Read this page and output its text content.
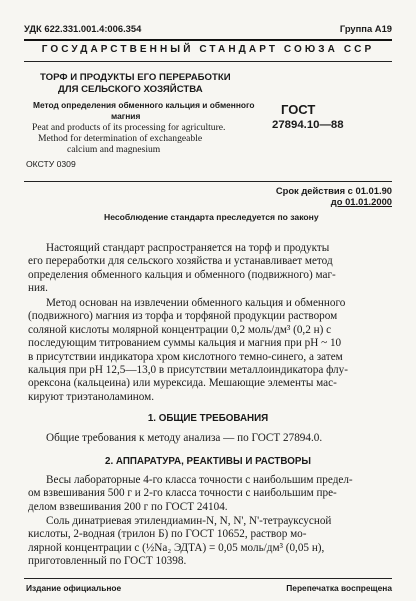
УДК 622.331.001.4:006.354	Группа А19
ГОСУДАРСТВЕННЫЙ СТАНДАРТ СОЮЗА ССР
ТОРФ И ПРОДУКТЫ ЕГО ПЕРЕРАБОТКИ
ДЛЯ СЕЛЬСКОГО ХОЗЯЙСТВА
Метод определения обменного кальция и обменного
магния
Peat and products of its processing for agriculture.
Method for determination of exchangeable
calcium and magnesium
ГОСТ
27894.10—88
ОКСТУ 0309
Срок действия с 01.01.90
до 01.01.2000
Несоблюдение стандарта преследуется по закону

Настоящий стандарт распространяется на торф и продукты

его переработки для сельского хозяйства и устанавливает метод

определения обменного кальция и обменного (подвижного) маг-

ния.

Метод основан на извлечении обменного кальция и обменного

(подвижного) магния из торфа и торфяной продукции раствором

соляной кислоты молярной концентрации 0,2 моль/дм³ (0,2 н) с

последующим титрованием суммы кальция и магния при рН ~ 10

в присутствии индикатора хром кислотного темно-синего, а затем

кальция при рН 12,5—13,0 в присутствии металлоиндикатора флу-

орексона (кальцеина) или мурексида. Мешающие элементы мас-

кируют триэтаноламином.

1. ОБЩИЕ ТРЕБОВАНИЯ

Общие требования к методу анализа — по ГОСТ 27894.0.

2. АППАРАТУРА, РЕАКТИВЫ И РАСТВОРЫ

Весы лабораторные 4-го класса точности с наибольшим предел-

ом взвешивания 500 г и 2-го класса точности с наибольшим пре-

делом взвешивания 200 г по ГОСТ 24104.

Соль динатриевая этилендиамин-N, N, N', N'-тетрауксусной

кислоты, 2-водная (трилон Б) по ГОСТ 10652, раствор мо-

лярной концентрации с (½Na₂ ЭДТА) = 0,05 моль/дм³ (0,05 н),

приготовленный по ГОСТ 10398.

Издание официальное	Перепечатка воспрещена
